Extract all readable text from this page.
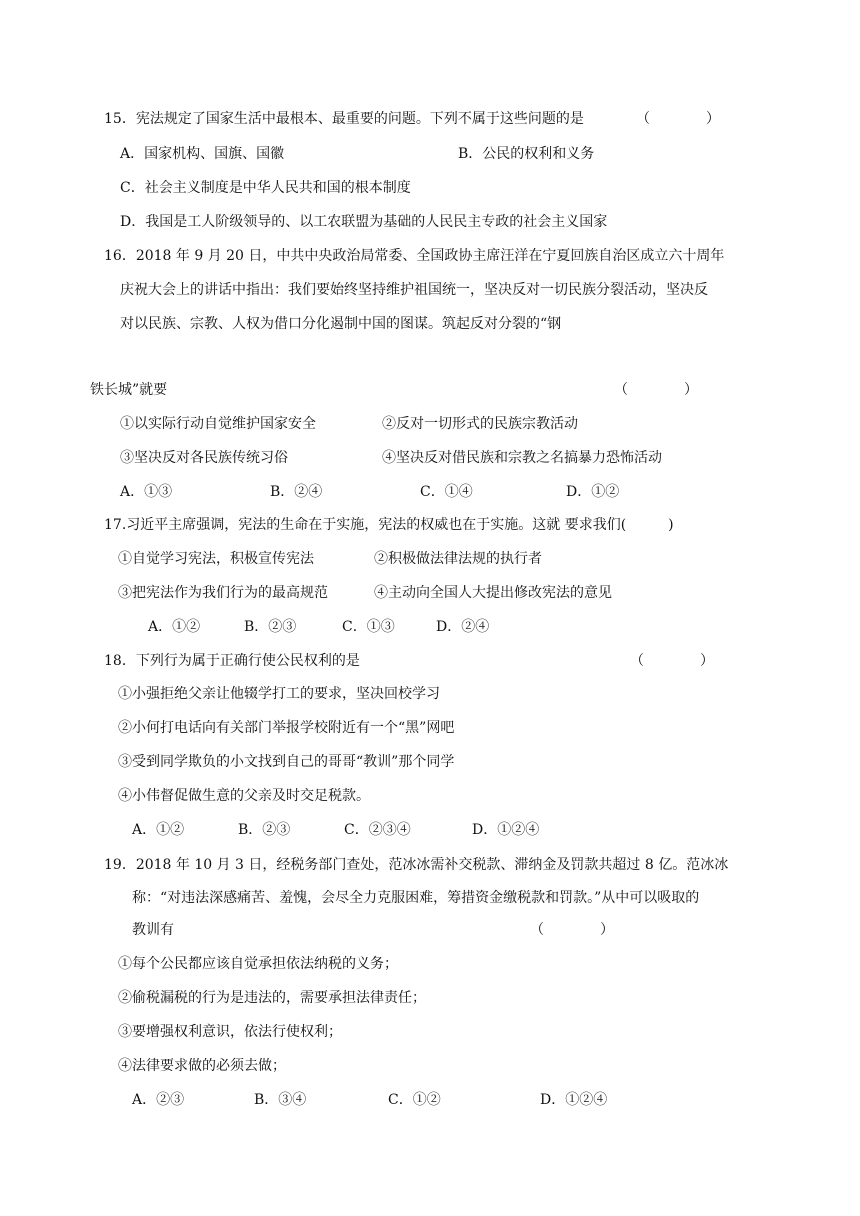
15．宪法规定了国家生活中最根本、最重要的问题。下列不属于这些问题的是	（　　　　）
A．国家机构、国旗、国徽	B．公民的权利和义务
C．社会主义制度是中华人民共和国的根本制度
D．我国是工人阶级领导的、以工农联盟为基础的人民民主专政的社会主义国家
16．2018 年 9 月 20 日，中共中央政治局常委、全国政协主席汪洋在宁夏回族自治区成立六十周年
庆祝大会上的讲话中指出：我们要始终坚持维护祖国统一，坚决反对一切民族分裂活动，坚决反
对以民族、宗教、人权为借口分化遏制中国的图谋。筑起反对分裂的“钢
铁长城”就要	（　　　　）
①以实际行动自觉维护国家安全	②反对一切形式的民族宗教活动
③坚决反对各民族传统习俗	④坚决反对借民族和宗教之名搞暴力恐怖活动
A．①③	B．②④	C．①④	D．①②
17.习近平主席强调，宪法的生命在于实施，宪法的权威也在于实施。这就 要求我们(　　　)
①自觉学习宪法，积极宣传宪法	②积极做法律法规的执行者
③把宪法作为我们行为的最高规范	④主动向全国人大提出修改宪法的意见
A．①②	B．②③	C．①③	D．②④
18．下列行为属于正确行使公民权利的是	（　　　　）
①小强拒绝父亲让他辍学打工的要求，坚决回校学习
②小何打电话向有关部门举报学校附近有一个“黑”网吧
③受到同学欺负的小文找到自己的哥哥“教训”那个同学
④小伟督促做生意的父亲及时交足税款。
A．①②	B．②③	C．②③④	D．①②④
19．2018 年 10 月 3 日，经税务部门查处，范冰冰需补交税款、滞纳金及罚款共超过 8 亿。范冰冰
称：“对违法深感痛苦、羞愧，会尽全力克服困难，筹措资金缴税款和罚款。”从中可以吸取的
教训有	（　　　　）
①每个公民都应该自觉承担依法纳税的义务；
②偷税漏税的行为是违法的，需要承担法律责任；
③要增强权利意识，依法行使权利；
④法律要求做的必须去做；
A．②③	B．③④	C．①②	D．①②④
